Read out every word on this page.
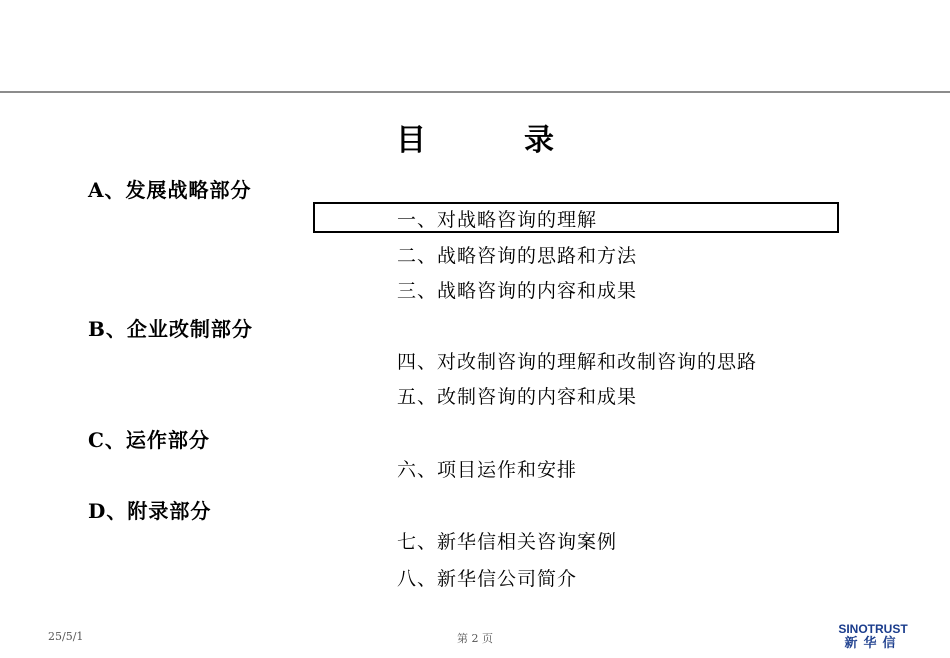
目　录
A、发展战略部分
一、对战略咨询的理解
二、战略咨询的思路和方法
三、战略咨询的内容和成果
B、企业改制部分
四、对改制咨询的理解和改制咨询的思路
五、改制咨询的内容和成果
C、运作部分
六、项目运作和安排
D、附录部分
七、新华信相关咨询案例
八、新华信公司简介
25/5/1	第 2 页
SINOTRUST
新华信
